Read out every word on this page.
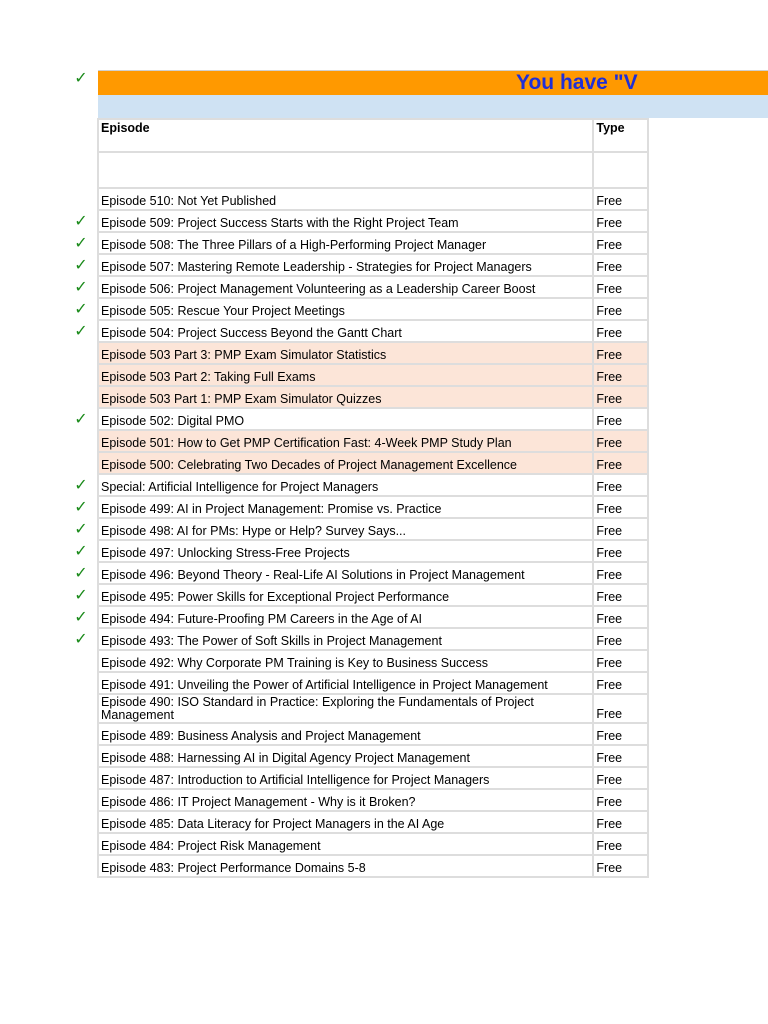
✓
✓
✓
✓
✓
✓
✓
✓
✓
✓
✓
✓
✓
✓
✓
✓
You have "V
Episode	Type

Episode 510: Not Yet Published	Free
Episode 509: Project Success Starts with the Right Project Team	Free
Episode 508: The Three Pillars of a High-Performing Project Manager	Free
Episode 507: Mastering Remote Leadership - Strategies for Project Managers	Free
Episode 506: Project Management Volunteering as a Leadership Career Boost	Free
Episode 505: Rescue Your Project Meetings	Free
Episode 504: Project Success Beyond the Gantt Chart	Free
Episode 503 Part 3: PMP Exam Simulator Statistics	Free
Episode 503 Part 2: Taking Full Exams	Free
Episode 503 Part 1: PMP Exam Simulator Quizzes	Free
Episode 502: Digital PMO	Free
Episode 501: How to Get PMP Certification Fast: 4-Week PMP Study Plan	Free
Episode 500: Celebrating Two Decades of Project Management Excellence	Free
Special: Artificial Intelligence for Project Managers	Free
Episode 499: AI in Project Management: Promise vs. Practice	Free
Episode 498: AI for PMs: Hype or Help? Survey Says...	Free
Episode 497: Unlocking Stress-Free Projects	Free
Episode 496: Beyond Theory - Real-Life AI Solutions in Project Management	Free
Episode 495: Power Skills for Exceptional Project Performance	Free
Episode 494: Future-Proofing PM Careers in the Age of AI	Free
Episode 493: The Power of Soft Skills in Project Management	Free
Episode 492: Why Corporate PM Training is Key to Business Success	Free
Episode 491: Unveiling the Power of Artificial Intelligence in Project Management	Free
Episode 490: ISO Standard in Practice: Exploring the Fundamentals of Project Management	Free
Episode 489: Business Analysis and Project Management	Free
Episode 488: Harnessing AI in Digital Agency Project Management	Free
Episode 487: Introduction to Artificial Intelligence for Project Managers	Free
Episode 486: IT Project Management - Why is it Broken?	Free
Episode 485: Data Literacy for Project Managers in the AI Age	Free
Episode 484: Project Risk Management	Free
Episode 483: Project Performance Domains 5-8	Free
